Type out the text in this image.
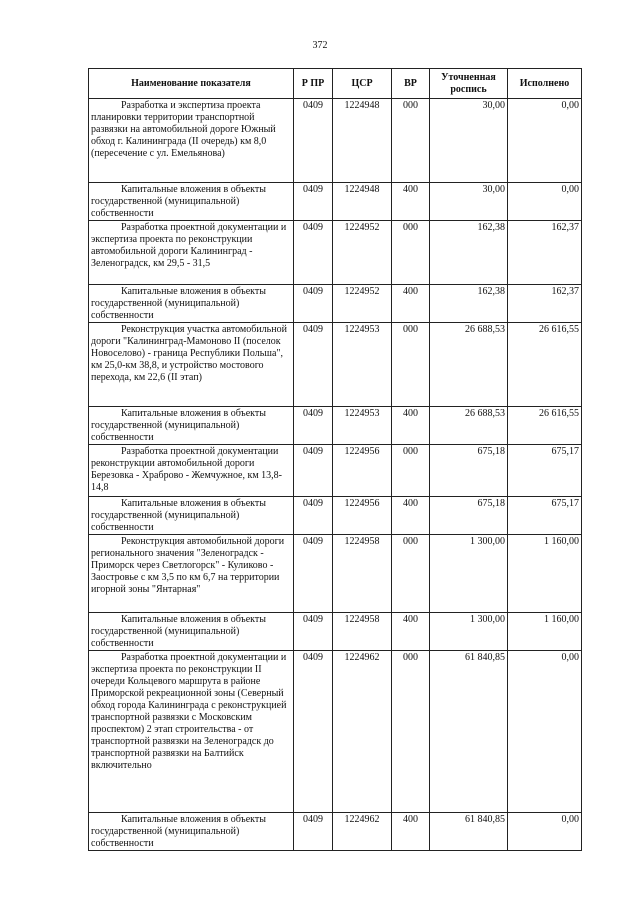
372
Наименование показателя	Р ПР	ЦСР	ВР	Уточненная роспись	Исполнено
Разработка и экспертиза проекта планировки территории транспортной развязки на автомобильной дороге Южный обход г. Калининграда (II очередь) км 8,0 (пересечение с ул. Емельянова)	0409	1224948	000	30,00	0,00
Капитальные вложения в объекты государственной (муниципальной) собственности	0409	1224948	400	30,00	0,00
Разработка проектной документации и экспертиза проекта по реконструкции автомобильной дороги Калининград - Зеленоградск, км 29,5 - 31,5	0409	1224952	000	162,38	162,37
Капитальные вложения в объекты государственной (муниципальной) собственности	0409	1224952	400	162,38	162,37
Реконструкция участка автомобильной дороги "Калининград-Мамоново II (поселок Новоселово) - граница Республики Польша", км 25,0-км 38,8, и устройство мостового перехода, км 22,6 (II этап)	0409	1224953	000	26 688,53	26 616,55
Капитальные вложения в объекты государственной (муниципальной) собственности	0409	1224953	400	26 688,53	26 616,55
Разработка проектной документации реконструкции автомобильной дороги Березовка - Храброво - Жемчужное, км 13,8-14,8	0409	1224956	000	675,18	675,17
Капитальные вложения в объекты государственной (муниципальной) собственности	0409	1224956	400	675,18	675,17
Реконструкция автомобильной дороги регионального значения "Зеленоградск - Приморск через Светлогорск" - Куликово - Заостровье с км 3,5 по км 6,7 на территории игорной зоны "Янтарная"	0409	1224958	000	1 300,00	1 160,00
Капитальные вложения в объекты государственной (муниципальной) собственности	0409	1224958	400	1 300,00	1 160,00
Разработка проектной документации и экспертиза проекта по реконструкции II очереди Кольцевого маршрута в районе Приморской рекреационной зоны (Северный обход города Калининграда с реконструкцией транспортной развязки с Московским проспектом) 2 этап строительства - от транспортной развязки на Зеленоградск до транспортной развязки на Балтийск включительно	0409	1224962	000	61 840,85	0,00
Капитальные вложения в объекты государственной (муниципальной) собственности	0409	1224962	400	61 840,85	0,00
